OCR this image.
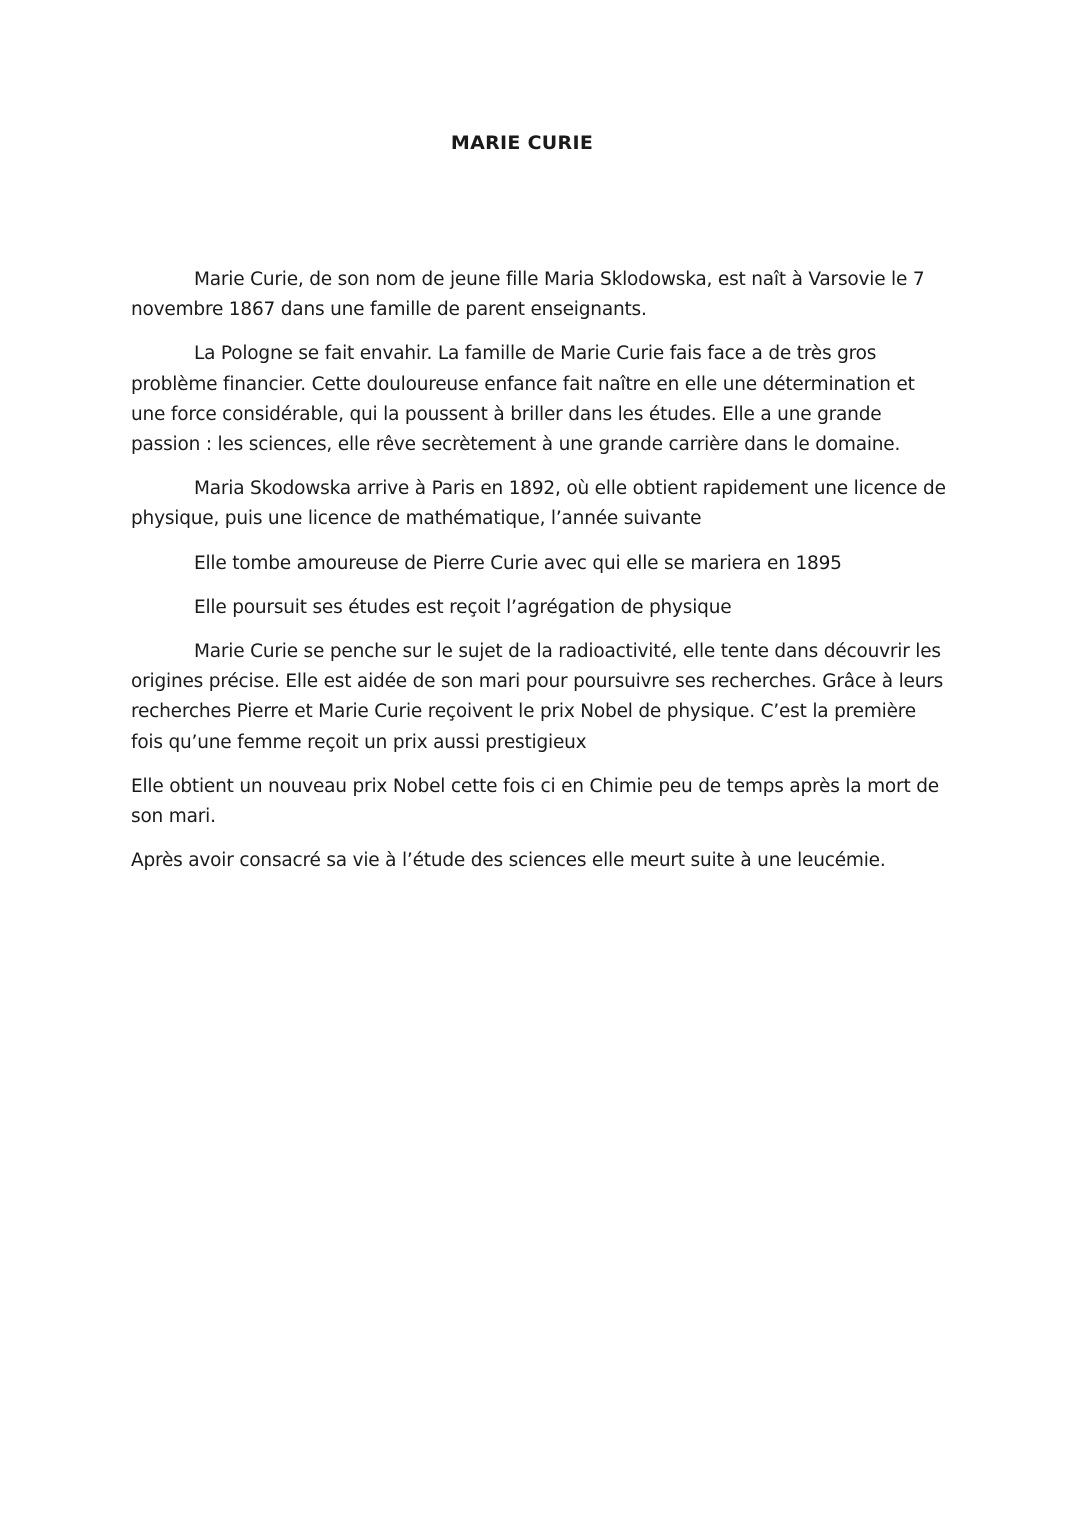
MARIE CURIE

Marie Curie, de son nom de jeune fille Maria Sklodowska, est naît à Varsovie le 7 novembre 1867 dans une famille de parent enseignants.

La Pologne se fait envahir. La famille de Marie Curie fais face a de très gros problème financier. Cette douloureuse enfance fait naître en elle une détermination et une force considérable, qui la poussent à briller dans les études. Elle a une grande passion : les sciences, elle rêve secrètement à une grande carrière dans le domaine.

Maria Skodowska arrive à Paris en 1892, où elle obtient rapidement une licence de physique, puis une licence de mathématique, l’année suivante

Elle tombe amoureuse de Pierre Curie avec qui elle se mariera en 1895

Elle poursuit ses études est reçoit l’agrégation de physique

Marie Curie se penche sur le sujet de la radioactivité, elle tente dans découvrir les origines précise. Elle est aidée de son mari pour poursuivre ses recherches. Grâce à leurs recherches Pierre et Marie Curie reçoivent le prix Nobel de physique. C’est la première fois qu’une femme reçoit un prix aussi prestigieux

Elle obtient un nouveau prix Nobel cette fois ci en Chimie peu de temps après la mort de son mari.

Après avoir consacré sa vie à l’étude des sciences elle meurt suite à une leucémie.
